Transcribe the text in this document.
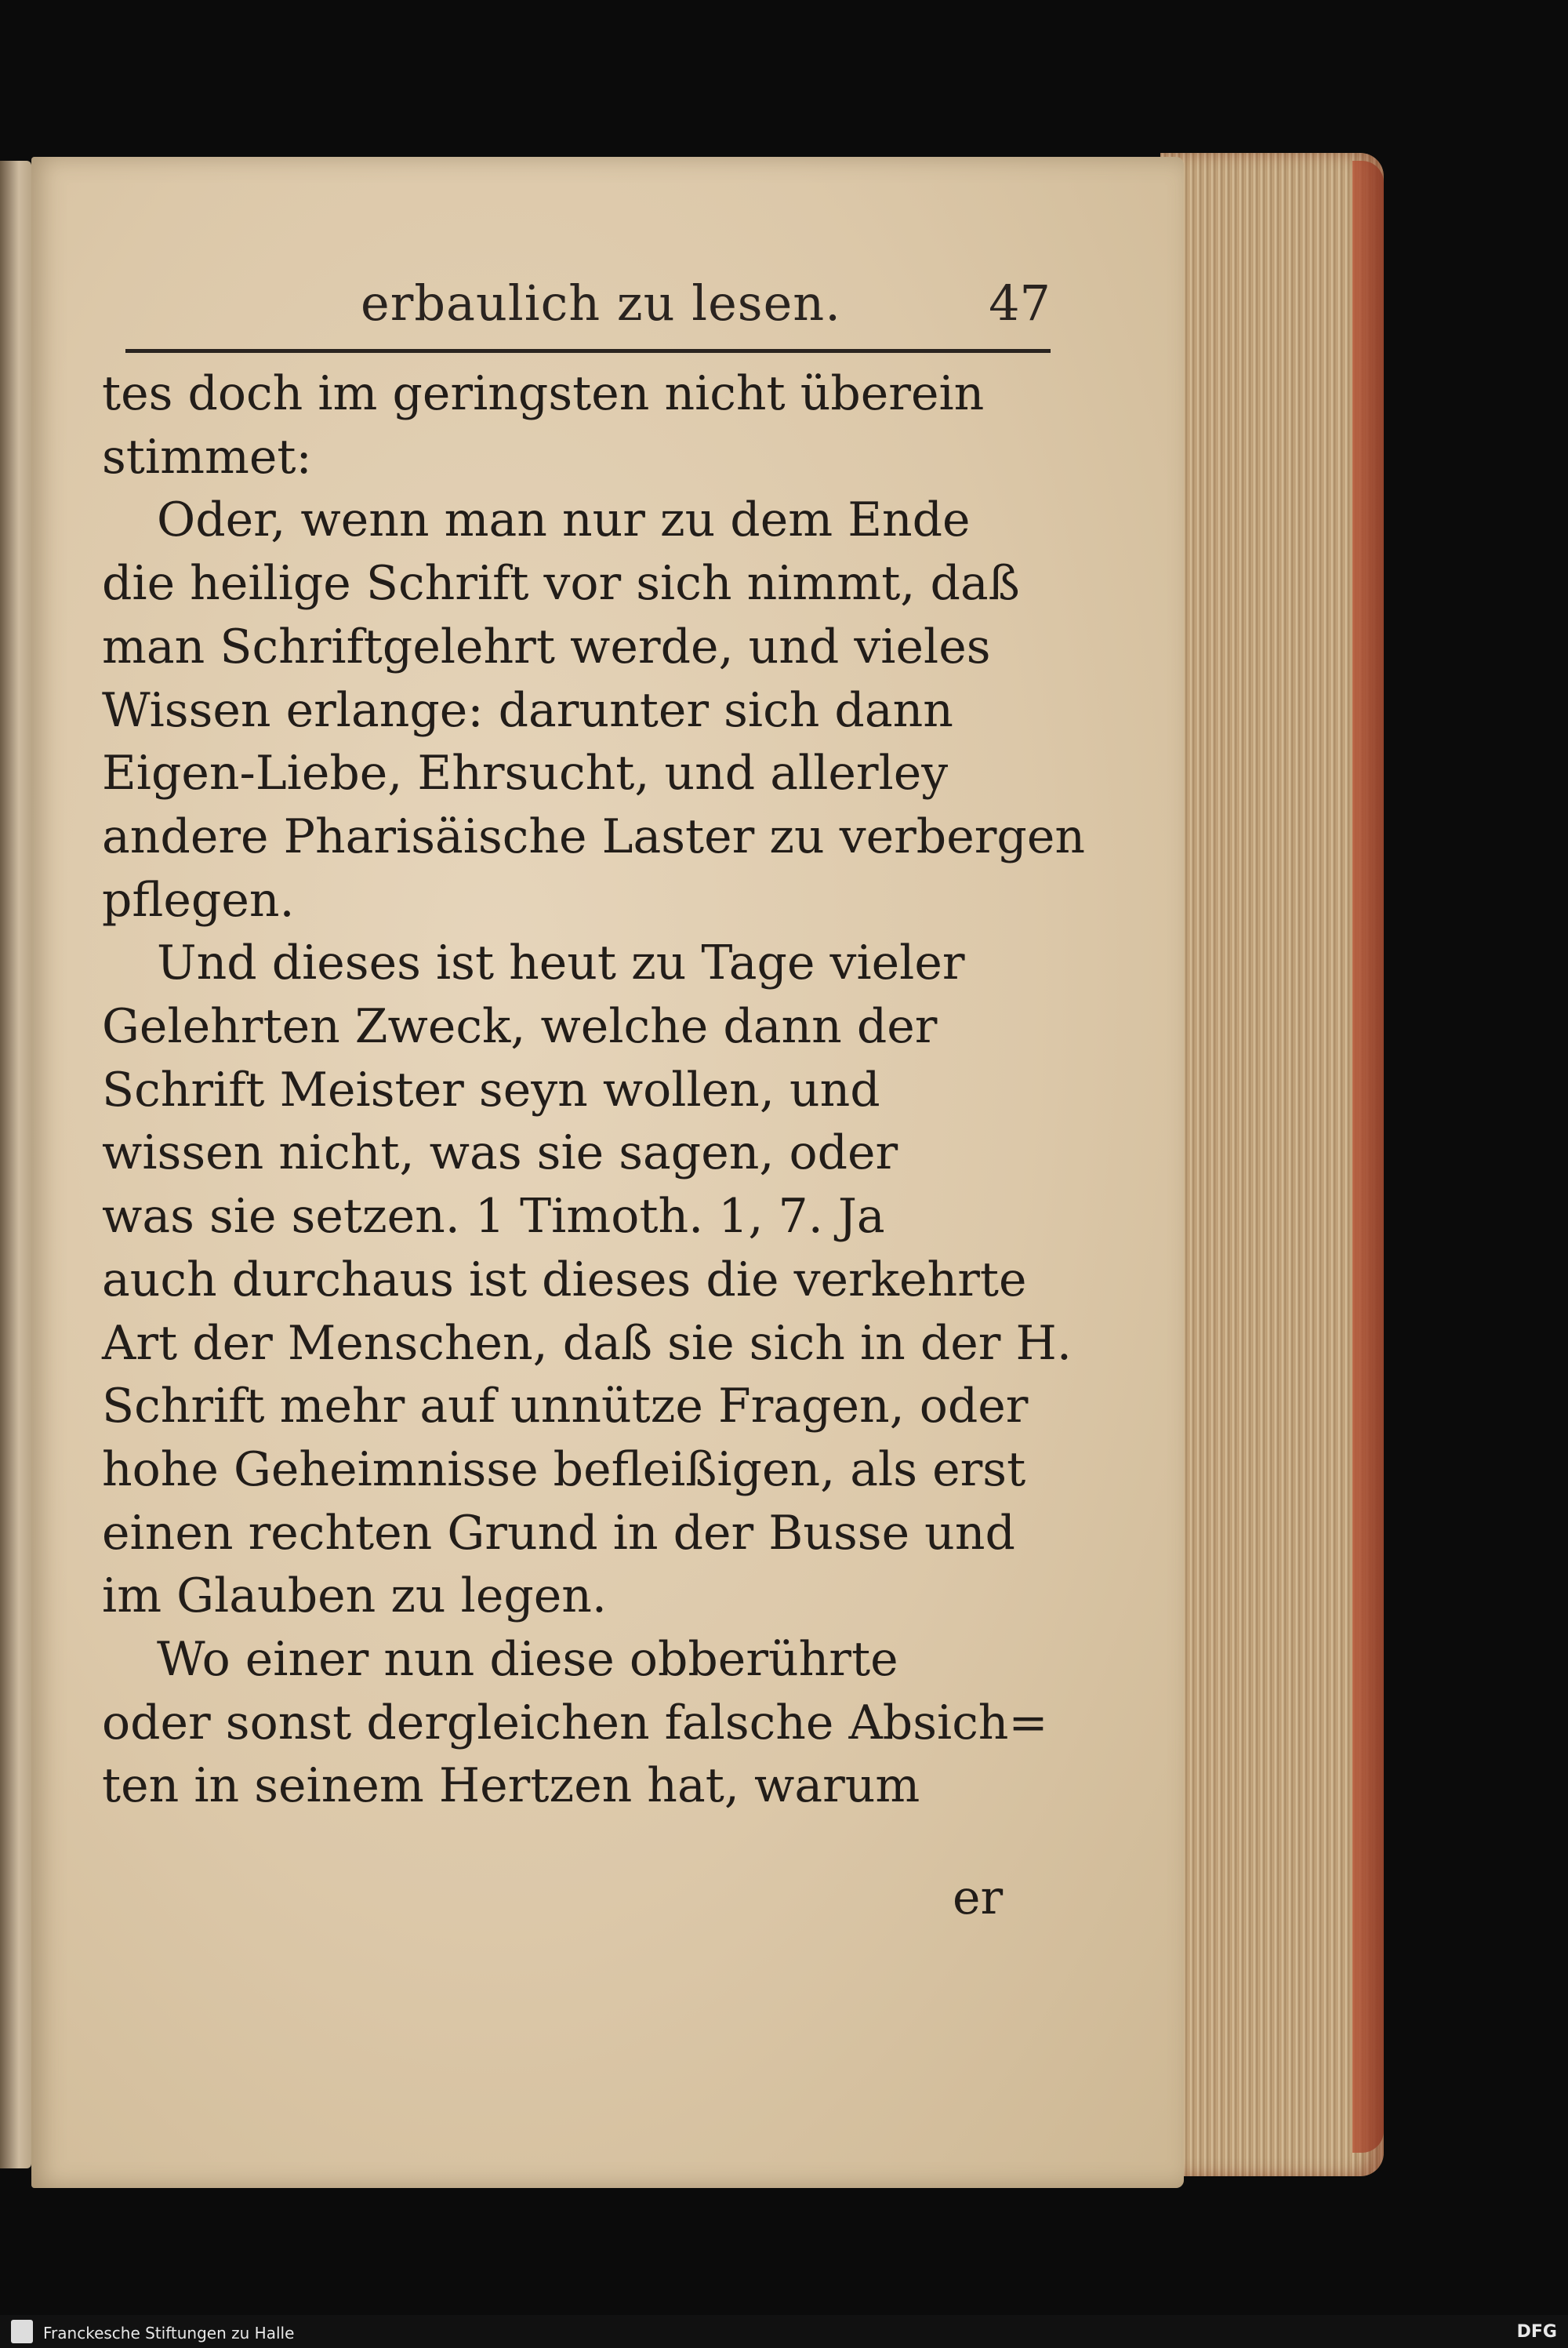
erbaulich zu lesen.	47
tes doch im geringsten nicht überein
stimmet:
Oder, wenn man nur zu dem Ende
die heilige Schrift vor sich nimmt, daß
man Schriftgelehrt werde, und vieles
Wissen erlange: darunter sich dann
Eigen-Liebe, Ehrsucht, und allerley
andere Pharisäische Laster zu verbergen
pflegen.
Und dieses ist heut zu Tage vieler
Gelehrten Zweck, welche dann der
Schrift Meister seyn wollen, und
wissen nicht, was sie sagen, oder
was sie setzen. 1 Timoth. 1, 7. Ja
auch durchaus ist dieses die verkehrte
Art der Menschen, daß sie sich in der H.
Schrift mehr auf unnütze Fragen, oder
hohe Geheimnisse befleißigen, als erst
einen rechten Grund in der Busse und
im Glauben zu legen.
Wo einer nun diese obberührte
oder sonst dergleichen falsche Absich=
ten in seinem Hertzen hat, warum
er
Franckesche Stiftungen zu Halle	DFG
